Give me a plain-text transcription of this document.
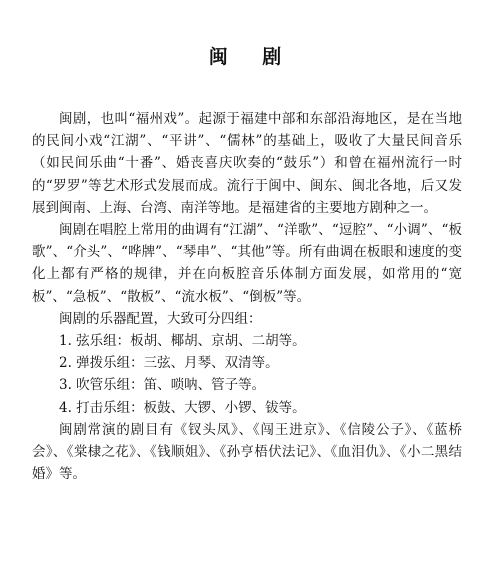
闽 剧

闽剧，也叫“福州戏”。起源于福建中部和东部沿海地区，是在当地的民间小戏“江湖”、“平讲”、“儒林”的基础上，吸收了大量民间音乐（如民间乐曲“十番”、婚丧喜庆吹奏的“鼓乐”）和曾在福州流行一时的“罗罗”等艺术形式发展而成。流行于闽中、闽东、闽北各地，后又发展到闽南、上海、台湾、南洋等地。是福建省的主要地方剧种之一。

闽剧在唱腔上常用的曲调有“江湖”、“洋歌”、“逗腔”、“小调”、“板歌”、“介头”、“哗牌”、“琴串”、“其他”等。所有曲调在板眼和速度的变化上都有严格的规律，并在向板腔音乐体制方面发展，如常用的“宽板”、“急板”、“散板”、“流水板”、“倒板”等。

闽剧的乐器配置，大致可分四组：

1. 弦乐组：板胡、椰胡、京胡、二胡等。
2. 弹拨乐组：三弦、月琴、双清等。
3. 吹管乐组：笛、唢呐、管子等。
4. 打击乐组：板鼓、大锣、小锣、钹等。

闽剧常演的剧目有《钗头凤》、《闯王进京》、《信陵公子》、《蓝桥会》、《棠棣之花》、《钱顺姐》、《孙亨梧伏法记》、《血泪仇》、《小二黑结婚》等。
